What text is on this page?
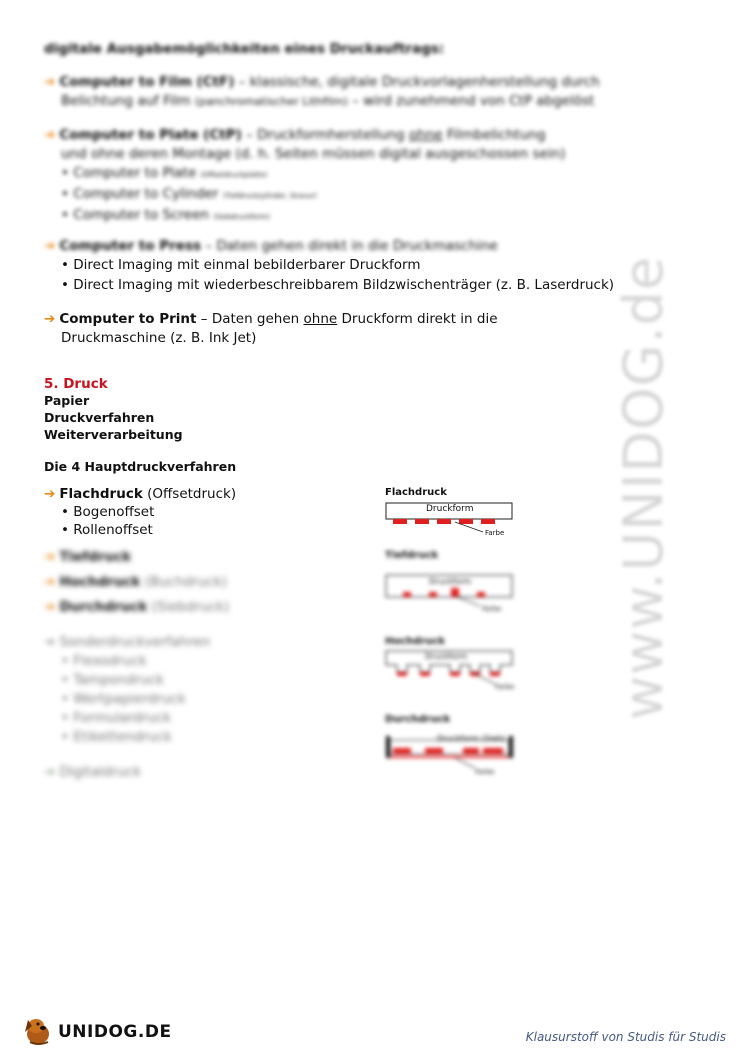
digitale Ausgabemöglichkeiten eines Druckauftrags:
➔ Computer to Film (CtF) – klassische, digitale Druckvorlagenherstellung durch
Belichtung auf Film (panchromatischer Lithfilm) – wird zunehmend von CtP abgelöst
➔ Computer to Plate (CtP) – Druckformherstellung ohne Filmbelichtung
und ohne deren Montage (d. h. Seiten müssen digital ausgeschossen sein)
• Computer to Plate (Offsetdruckplatte)
• Computer to Cylinder (Tiefdruckzylinder, Gravur)
• Computer to Screen (Siebdruckform)
➔ Computer to Press – Daten gehen direkt in die Druckmaschine
• Direct Imaging mit einmal bebilderbarer Druckform
• Direct Imaging mit wiederbeschreibbarem Bildzwischenträger (z. B. Laserdruck)
➔ Computer to Print – Daten gehen ohne Druckform direkt in die
Druckmaschine (z. B. Ink Jet)
5. Druck
Papier
Druckverfahren
Weiterverarbeitung
Die 4 Hauptdruckverfahren
➔ Flachdruck (Offsetdruck)
• Bogenoffset
• Rollenoffset
➔ Tiefdruck
➔ Hochdruck (Buchdruck)
➔ Durchdruck (Siebdruck)
➔ Sonderdruckverfahren
• Flexodruck
• Tampondruck
• Wertpapierdruck
• Formulardruck
• Etikettendruck
➔ Digitaldruck
Flachdruck
Druckform
Farbe
Tiefdruck
Druckform
Farbe
Hochdruck
Druckform
Farbe
Durchdruck
Druckform (Sieb)
Farbe
www.UNIDOG.de
UNIDOG.DE	Klausurstoff von Studis für Studis
